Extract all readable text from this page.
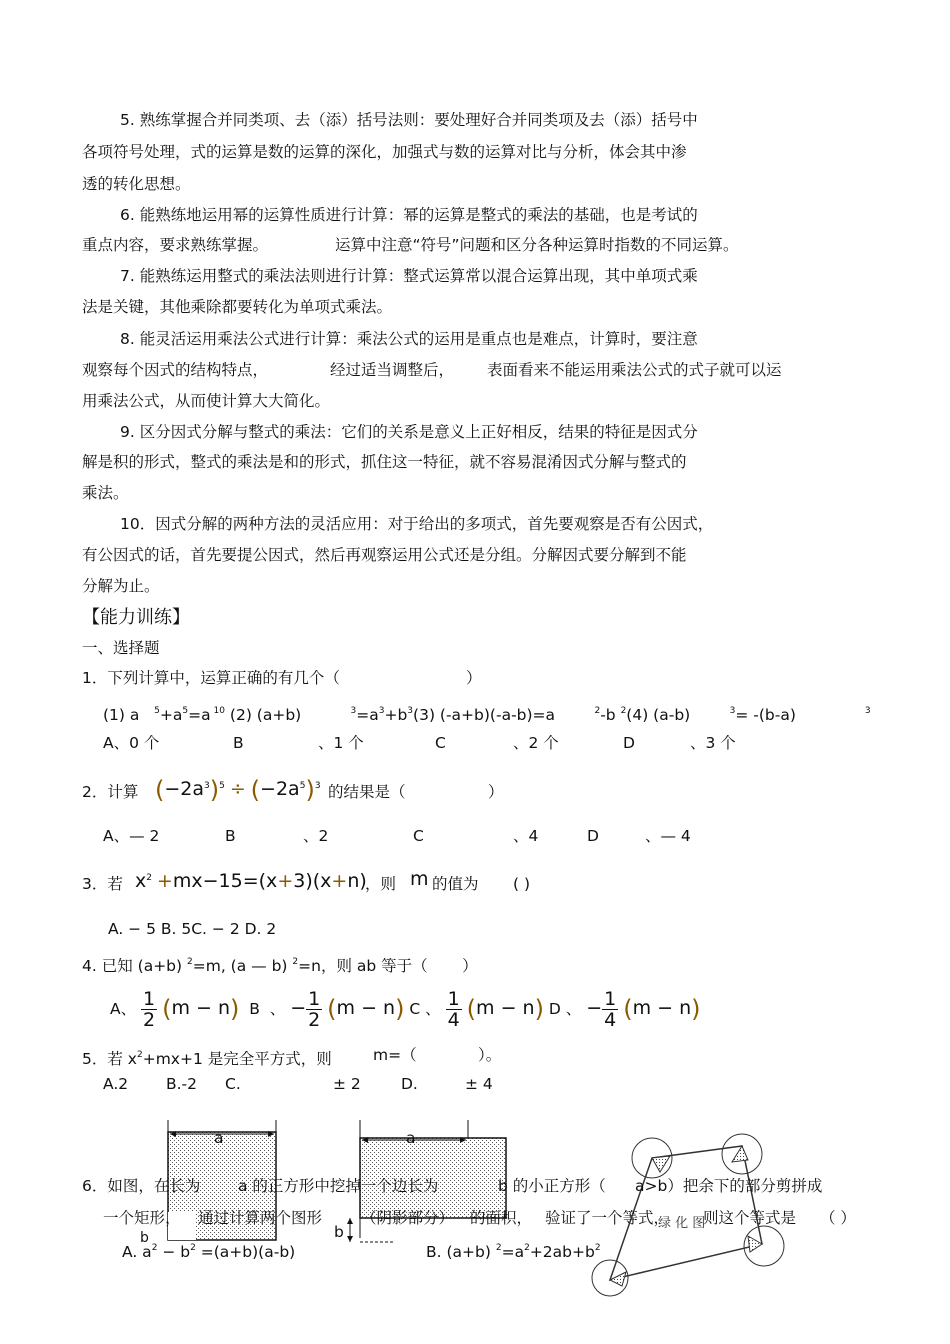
5. 熟练掌握合并同类项、去（添）括号法则：要处理好合并同类项及去（添）括号中
各项符号处理，式的运算是数的运算的深化，加强式与数的运算对比与分析，体会其中渗
透的转化思想。
6. 能熟练地运用幂的运算性质进行计算：幂的运算是整式的乘法的基础，也是考试的
重点内容，要求熟练掌握。	运算中注意“符号”问题和区分各种运算时指数的不同运算。
7. 能熟练运用整式的乘法法则进行计算：整式运算常以混合运算出现，其中单项式乘
法是关键，其他乘除都要转化为单项式乘法。
8. 能灵活运用乘法公式进行计算：乘法公式的运用是重点也是难点，计算时，要注意
观察每个因式的结构特点，	经过适当调整后， 表面看来不能运用乘法公式的式子就可以运
用乘法公式，从而使计算大大简化。
9. 区分因式分解与整式的乘法：它们的关系是意义上正好相反，结果的特征是因式分
解是积的形式，整式的乘法是和的形式，抓住这一特征，就不容易混淆因式分解与整式的
乘法。
10．因式分解的两种方法的灵活应用：对于给出的多项式，首先要观察是否有公因式，
有公因式的话，首先要提公因式，然后再观察运用公式还是分组。分解因式要分解到不能
分解为止。
【能力训练】
一、选择题
1．下列计算中，运算正确的有几个（	）
(1) a $^5+a^5=a$ $^{10}$ (2) (a+b)	$^3=a^3+b^3(3)$ (-a+b)(-a-b)=a	$^2$-b $^2$(4) (a-b)	$^3$= -(b-a)	$^3$
A、0 个	B	、1 个	C	、2 个	D	、3 个
2．计算 $(-2a^3)^5 \div (-2a^5)^3$ 的结果是（	）
A、— 2	B	、2	C	、4	D	、— 4
3．若 $x^2 +mx-15=(x+3)(x+n)$
，则 m 的值为 ( )
A. − 5 B. 5C. − 2 D. 2
4. 已知 (a+b) $^2$=m, (a — b) $^2$=n，则 ab 等于（ ）
A、 $\frac{1}{2} (m - n)$ B 、 − $\frac{1}{2} (m - n)$ C 、 $\frac{1}{4} (m - n)$ D 、 − $\frac{1}{4} (m - n)$
5．若 $x^2+mx+1$ 是完全平方式，则	m=（	）。
A.2 B.-2 C.	± 2	D.	± 4
a	a
b	绿 化 图
6．如图，在长为 a 的正方形中挖掉一个边长为	b 的小正方形（ a>b）把余下的部分剪拼成
一个矩形， 通过计算两个图形	（阴影部分） 的面积， 验证了一个等式， 则这个等式是 （ ）
A. $a^2 - b^2 =(a+b)(a-b)$	B. (a+b) $^2=a^2+2ab+b^2$
b
